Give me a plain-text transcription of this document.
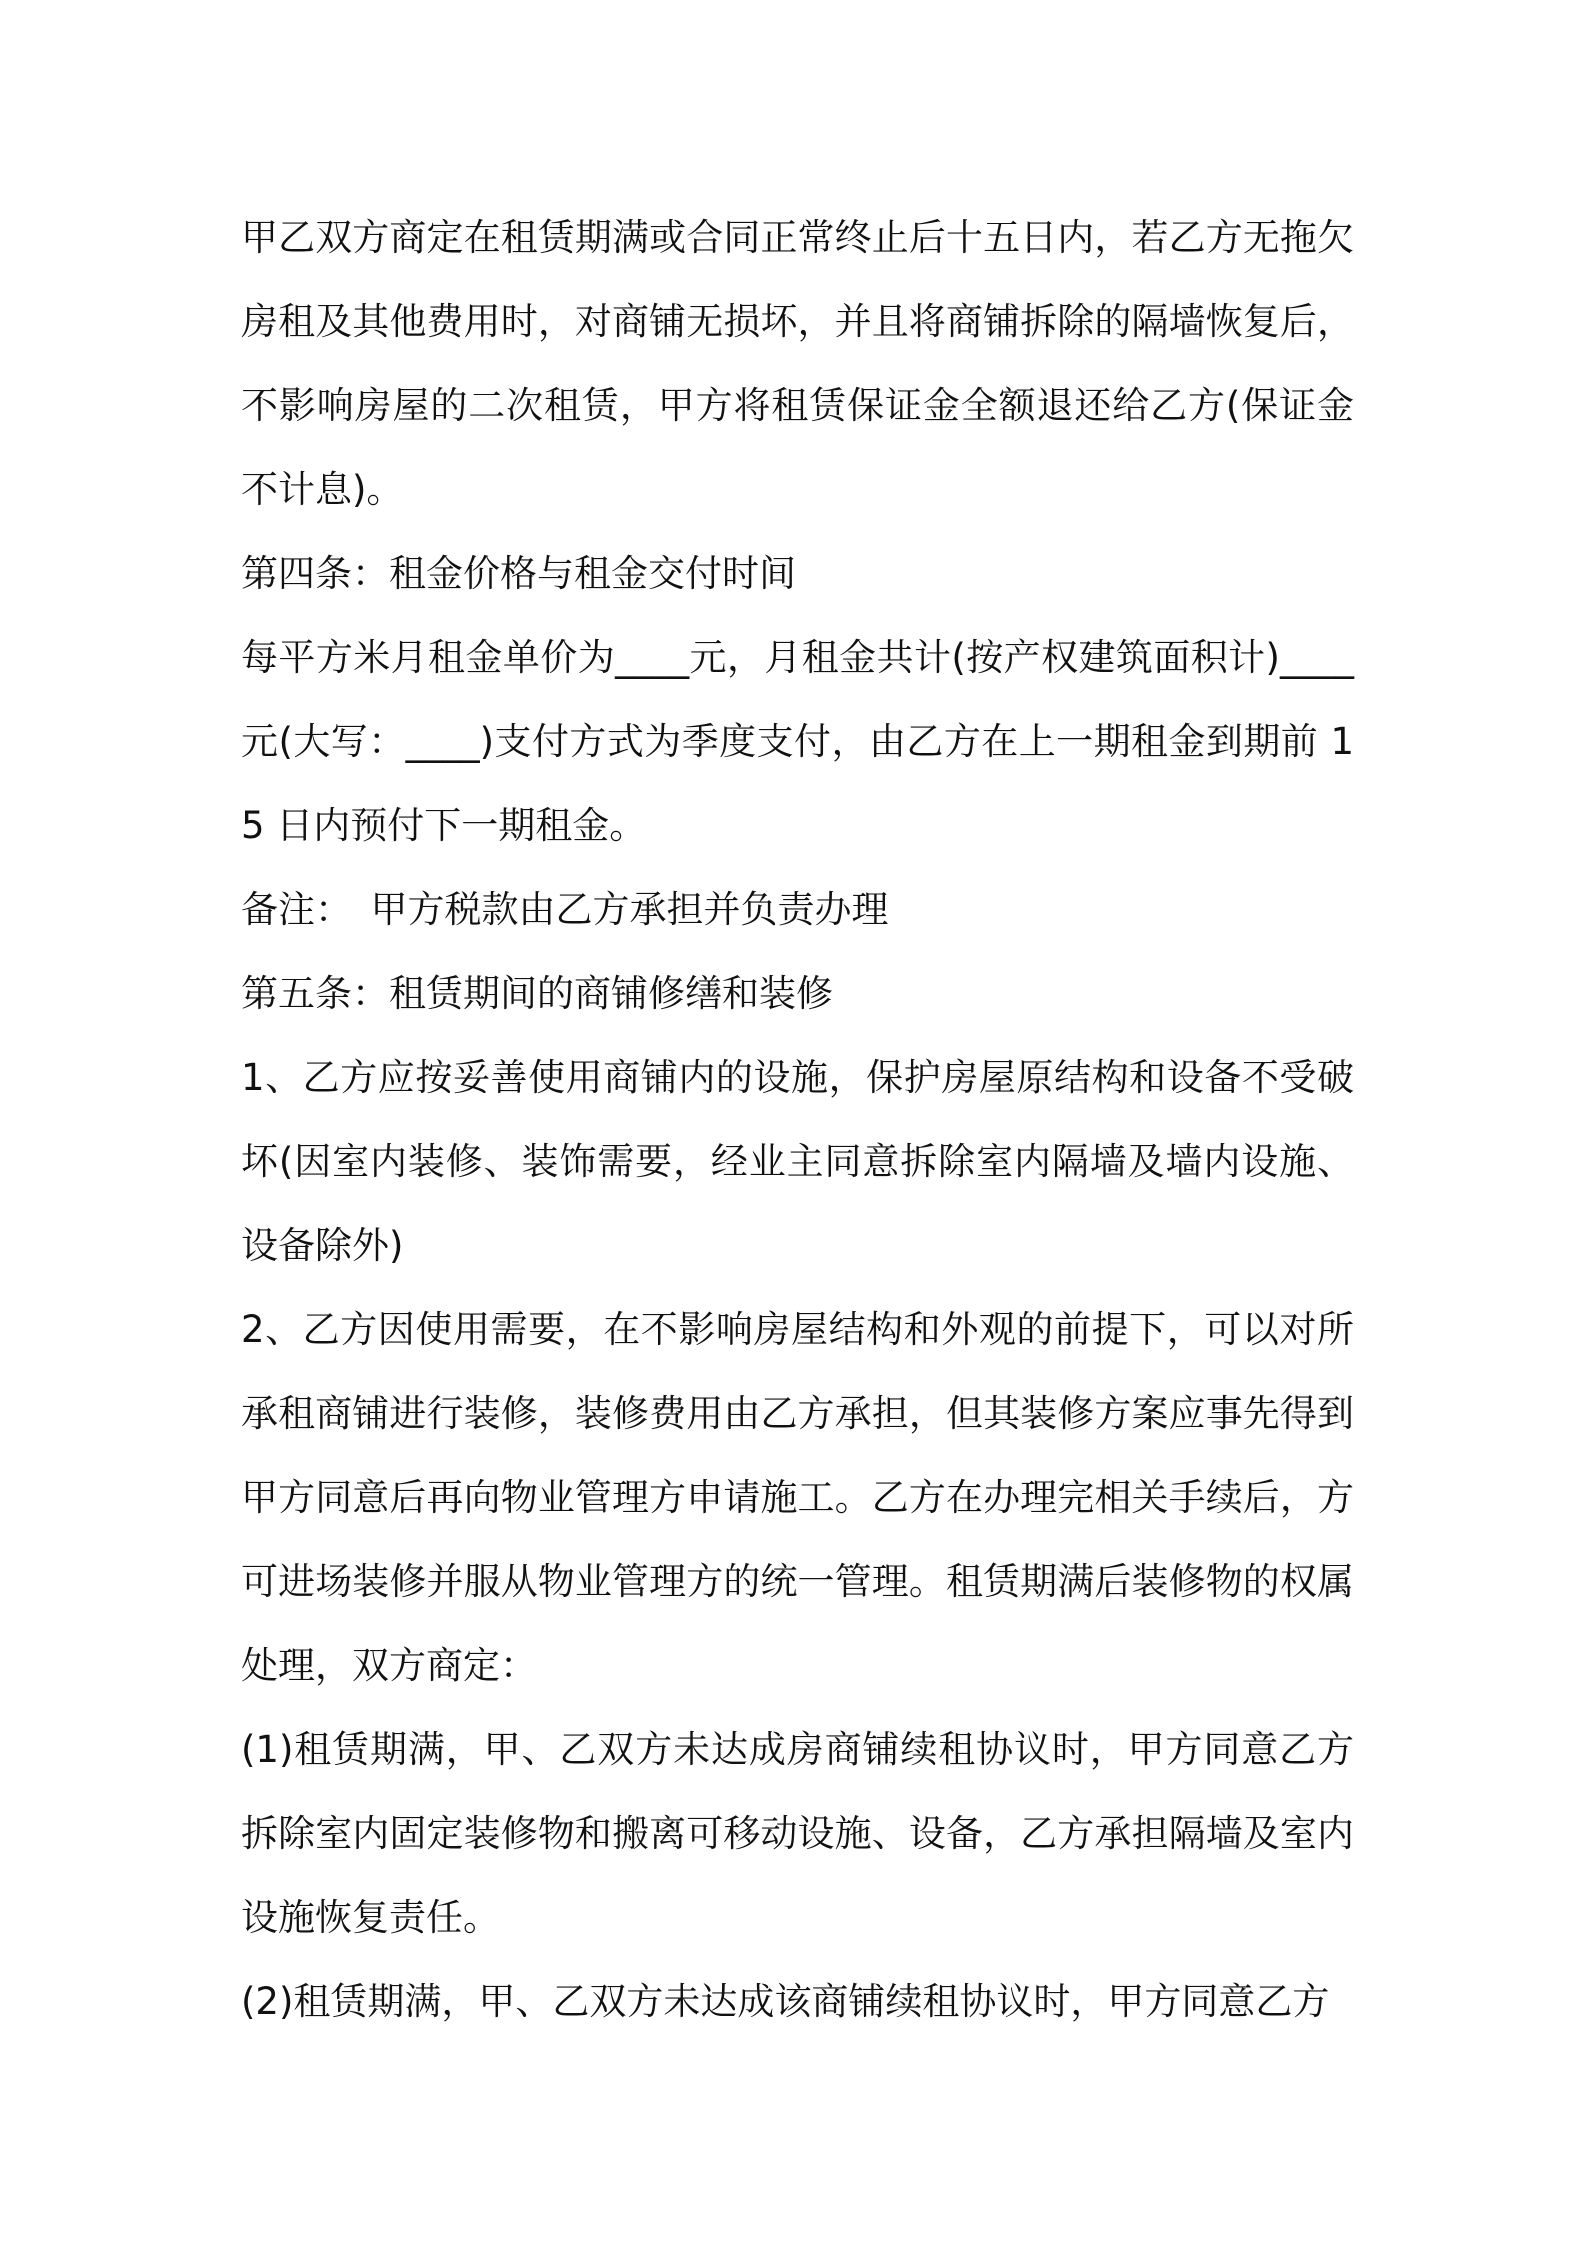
甲乙双方商定在租赁期满或合同正常终止后十五日内，若乙方无拖欠房租及其他费用时，对商铺无损坏，并且将商铺拆除的隔墙恢复后，不影响房屋的二次租赁，甲方将租赁保证金全额退还给乙方(保证金不计息)。

第四条：租金价格与租金交付时间

每平方米月租金单价为____元，月租金共计(按产权建筑面积计)____元(大写：____)支付方式为季度支付，由乙方在上一期租金到期前 15 日内预付下一期租金。

备注：　甲方税款由乙方承担并负责办理

第五条：租赁期间的商铺修缮和装修

1、乙方应按妥善使用商铺内的设施，保护房屋原结构和设备不受破坏(因室内装修、装饰需要，经业主同意拆除室内隔墙及墙内设施、设备除外)

2、乙方因使用需要，在不影响房屋结构和外观的前提下，可以对所承租商铺进行装修，装修费用由乙方承担，但其装修方案应事先得到甲方同意后再向物业管理方申请施工。乙方在办理完相关手续后，方可进场装修并服从物业管理方的统一管理。租赁期满后装修物的权属处理，双方商定：

(1)租赁期满，甲、乙双方未达成房商铺续租协议时，甲方同意乙方拆除室内固定装修物和搬离可移动设施、设备，乙方承担隔墙及室内设施恢复责任。

(2)租赁期满，甲、乙双方未达成该商铺续租协议时，甲方同意乙方
